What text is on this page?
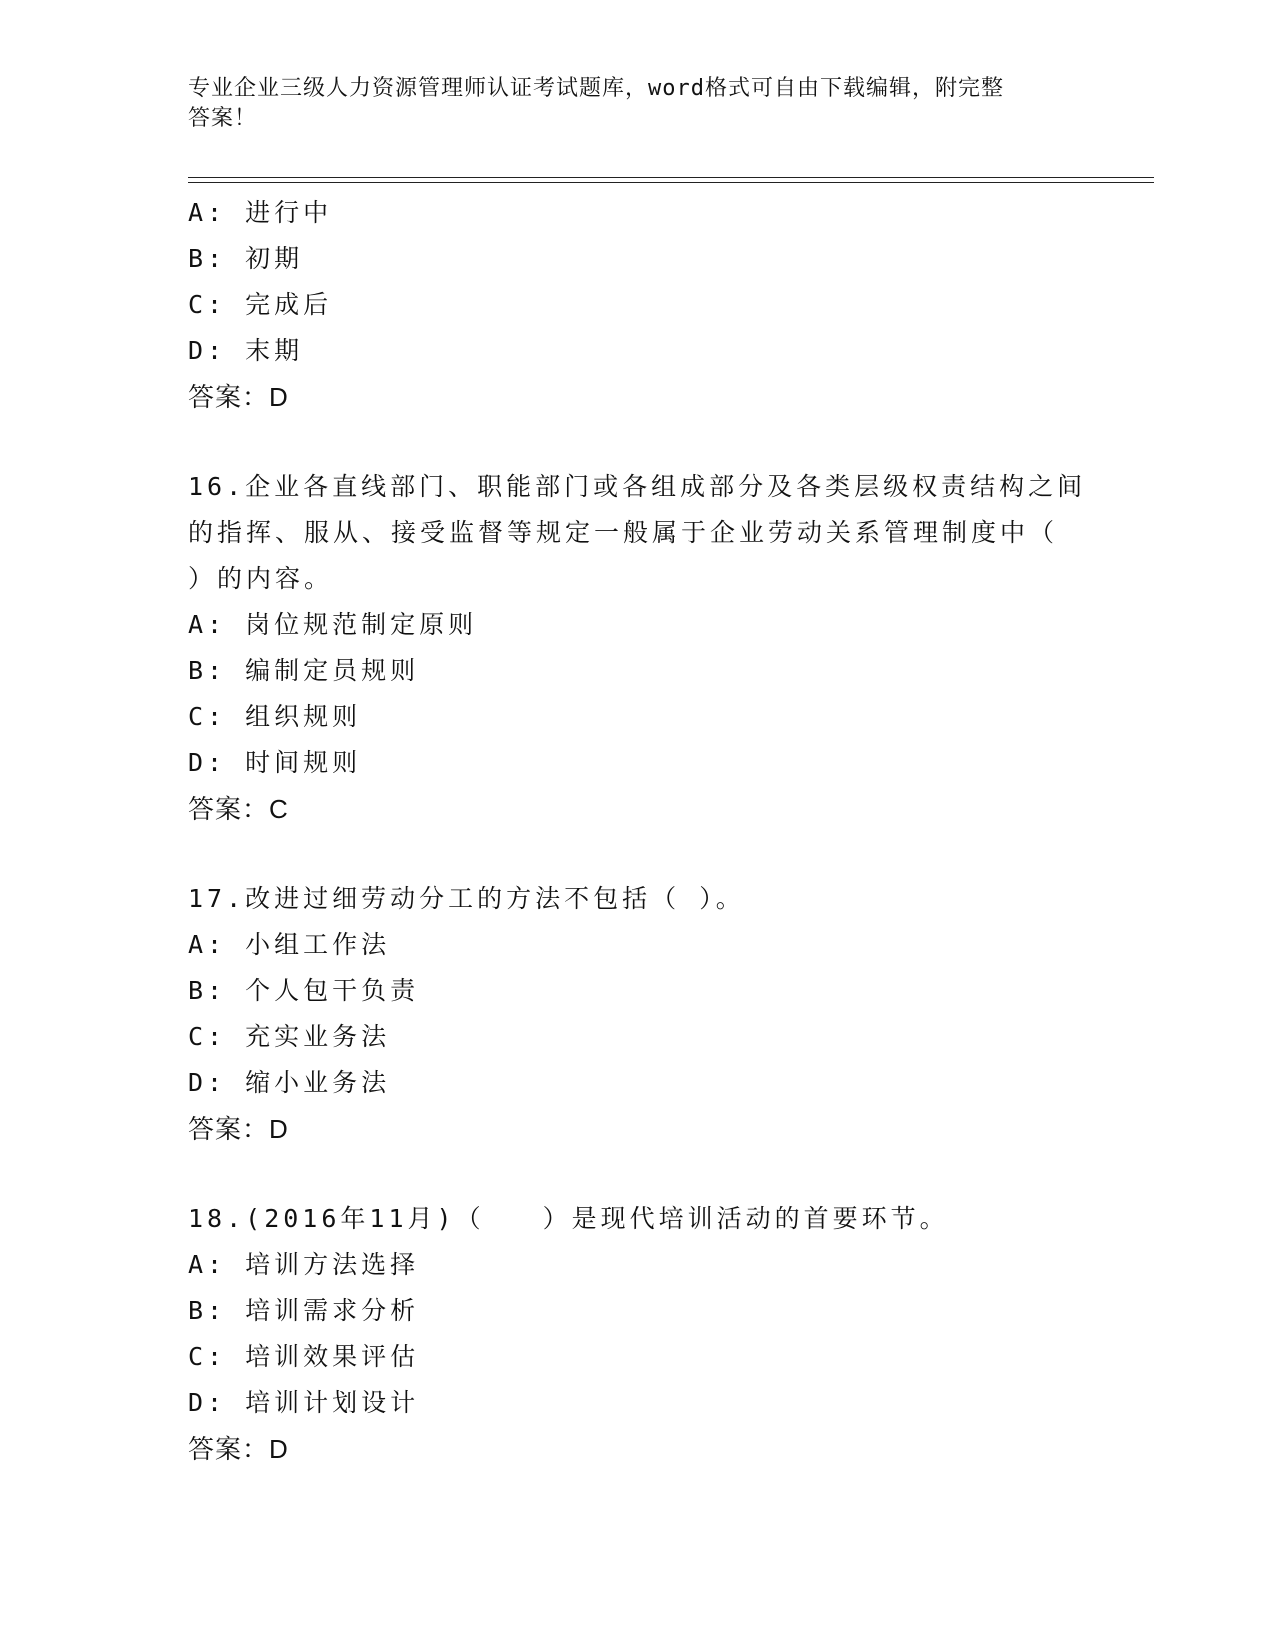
专业企业三级人力资源管理师认证考试题库，word格式可自由下载编辑，附完整
答案！
A: 进行中
B: 初期
C: 完成后
D: 末期
答案：D
16.企业各直线部门、职能部门或各组成部分及各类层级权责结构之间
的指挥、服从、接受监督等规定一般属于企业劳动关系管理制度中（
）的内容。
A: 岗位规范制定原则
B: 编制定员规则
C: 组织规则
D: 时间规则
答案：C
17.改进过细劳动分工的方法不包括（ ）。
A: 小组工作法
B: 个人包干负责
C: 充实业务法
D: 缩小业务法
答案：D
18.(2016年11月)（　　）是现代培训活动的首要环节。
A: 培训方法选择
B: 培训需求分析
C: 培训效果评估
D: 培训计划设计
答案：D
